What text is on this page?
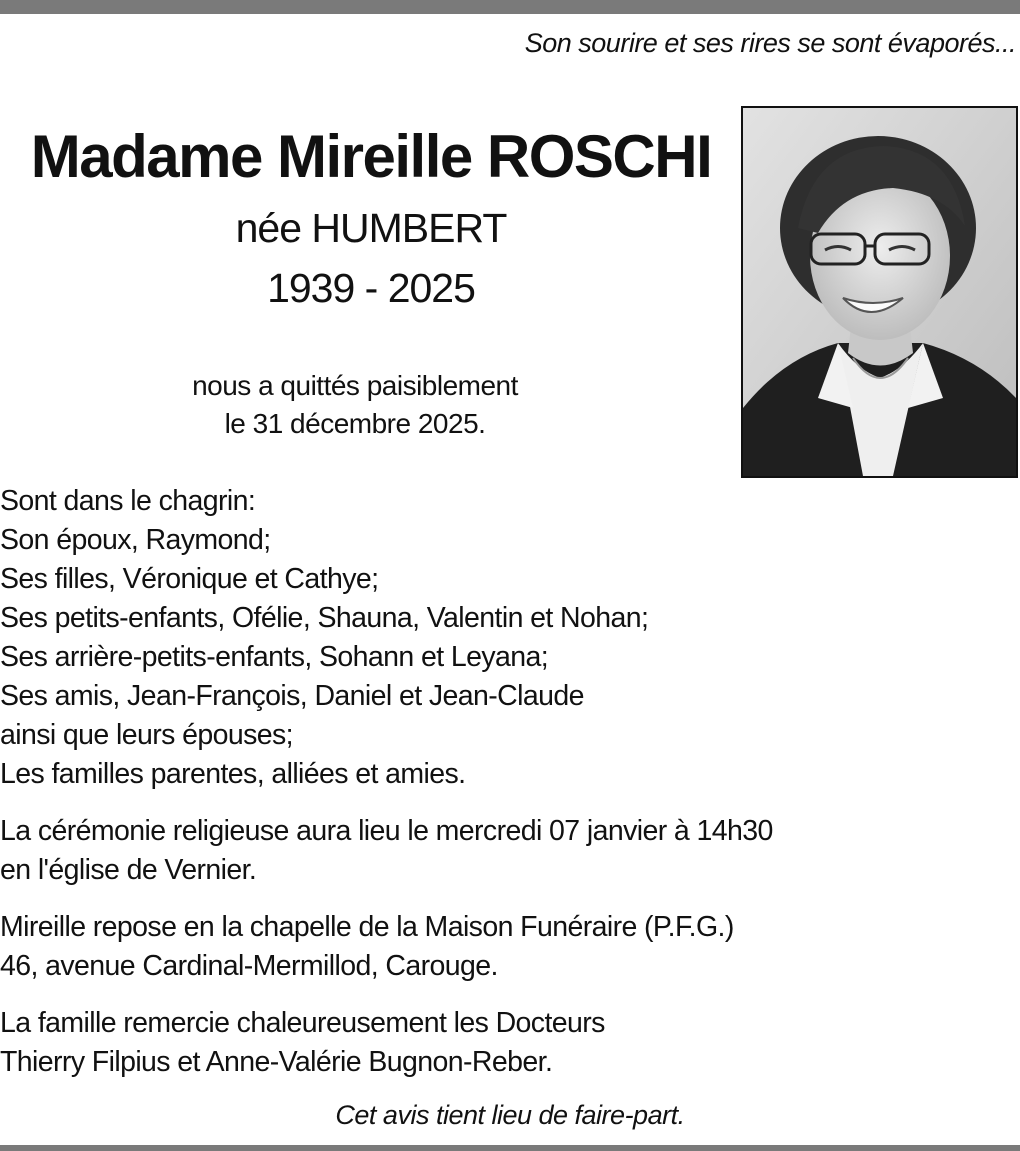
Son sourire et ses rires se sont évaporés...
Madame Mireille ROSCHI
née HUMBERT
1939 - 2025
nous a quittés paisiblement
le 31 décembre 2025.
Sont dans le chagrin:
Son époux, Raymond;
Ses filles, Véronique et Cathye;
Ses petits-enfants, Ofélie, Shauna, Valentin et Nohan;
Ses arrière-petits-enfants, Sohann et Leyana;
Ses amis, Jean-François, Daniel et Jean-Claude
ainsi que leurs épouses;
Les familles parentes, alliées et amies.
La cérémonie religieuse aura lieu le mercredi 07 janvier à 14h30
en l'église de Vernier.
Mireille repose en la chapelle de la Maison Funéraire (P.F.G.)
46, avenue Cardinal-Mermillod, Carouge.
La famille remercie chaleureusement les Docteurs
Thierry Filpius et Anne-Valérie Bugnon-Reber.
Cet avis tient lieu de faire-part.
